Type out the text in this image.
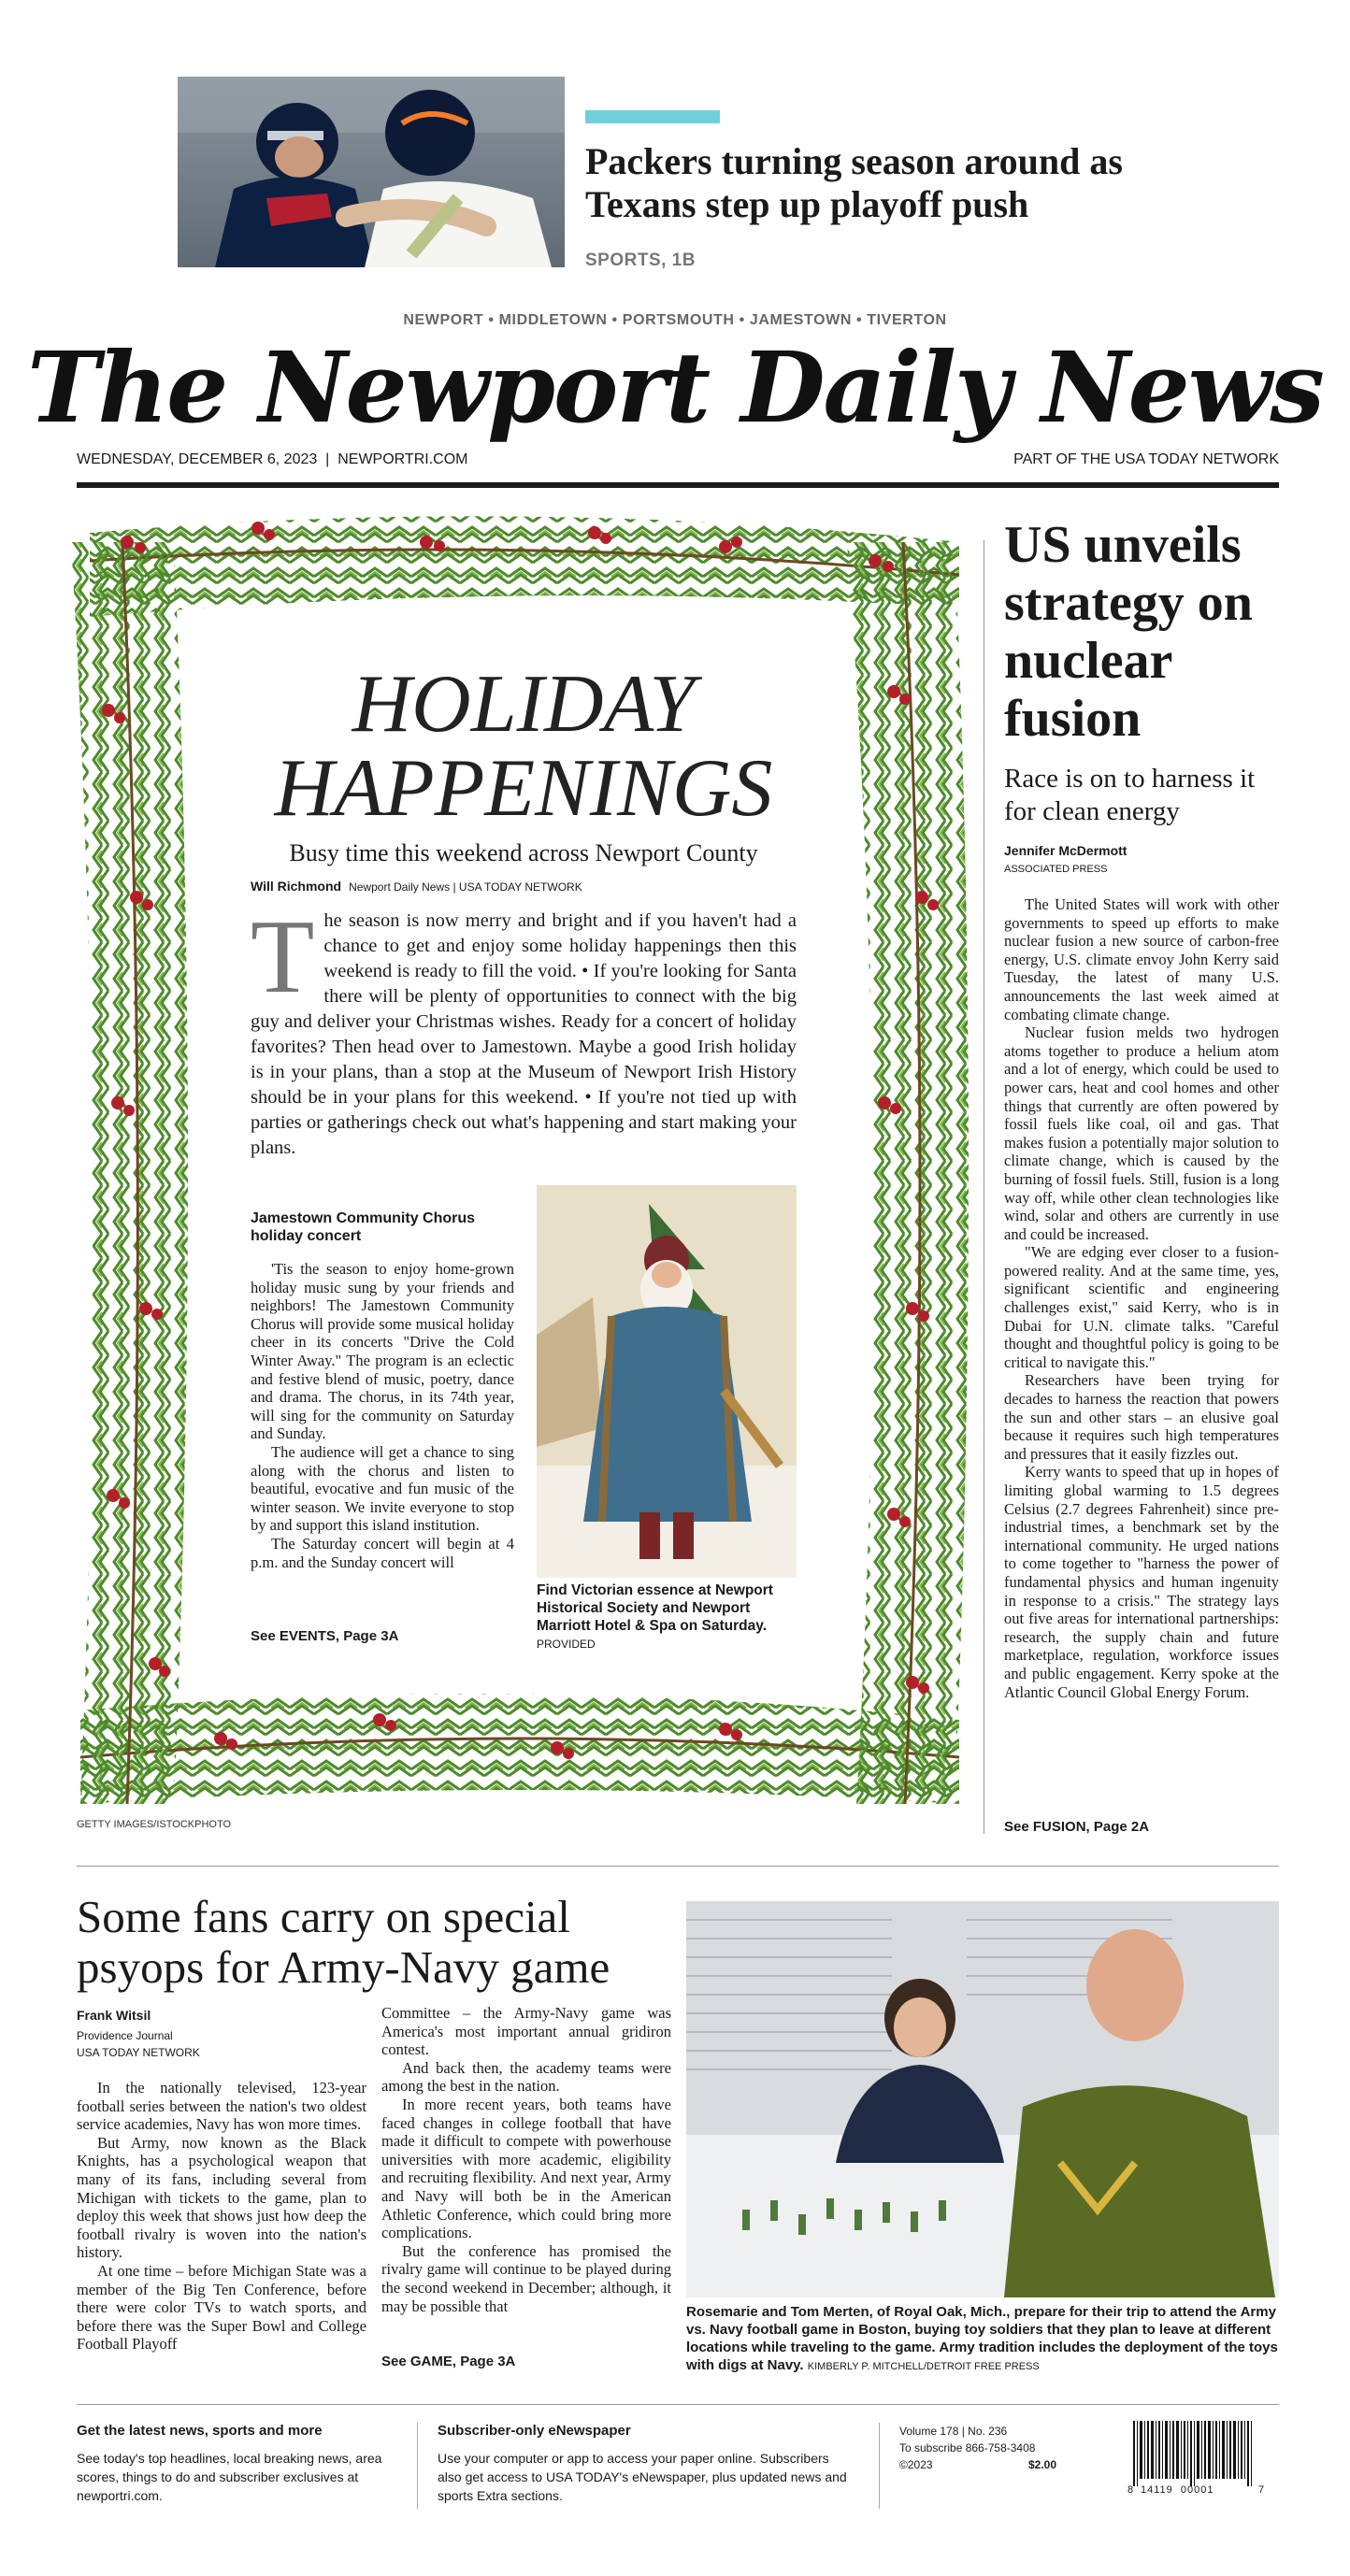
Packers turning season around as Texans step up playoff push
SPORTS, 1B
NEWPORT • MIDDLETOWN • PORTSMOUTH • JAMESTOWN • TIVERTON
The Newport Daily News
WEDNESDAY, DECEMBER 6, 2023  |  NEWPORTRI.COM	PART OF THE USA TODAY NETWORK
HOLIDAY
HAPPENINGS
Busy time this weekend across Newport County
Will Richmond Newport Daily News | USA TODAY NETWORK
T he season is now merry and bright and if you haven't had a chance to get and enjoy some holiday happenings then this weekend is ready to fill the void. • If you're looking for Santa there will be plenty of opportunities to connect with the big guy and deliver your Christmas wishes. Ready for a concert of holiday favorites? Then head over to Jamestown. Maybe a good Irish holiday is in your plans, than a stop at the Museum of Newport Irish History should be in your plans for this weekend. • If you're not tied up with parties or gatherings check out what's happening and start making your plans.
Jamestown Community Chorus holiday concert

'Tis the season to enjoy home-grown holiday music sung by your friends and neighbors! The Jamestown Community Chorus will provide some musical holiday cheer in its concerts "Drive the Cold Winter Away." The program is an eclectic and festive blend of music, poetry, dance and drama. The chorus, in its 74th year, will sing for the community on Saturday and Sunday.

The audience will get a chance to sing along with the chorus and listen to beautiful, evocative and fun music of the winter season. We invite everyone to stop by and support this island institution.

The Saturday concert will begin at 4 p.m. and the Sunday concert will

See EVENTS, Page 3A
Find Victorian essence at Newport Historical Society and Newport Marriott Hotel & Spa on Saturday. PROVIDED
GETTY IMAGES/ISTOCKPHOTO
US unveils strategy on nuclear fusion
Race is on to harness it for clean energy
Jennifer McDermott
ASSOCIATED PRESS

The United States will work with other governments to speed up efforts to make nuclear fusion a new source of carbon-free energy, U.S. climate envoy John Kerry said Tuesday, the latest of many U.S. announcements the last week aimed at combating climate change.

Nuclear fusion melds two hydrogen atoms together to produce a helium atom and a lot of energy, which could be used to power cars, heat and cool homes and other things that currently are often powered by fossil fuels like coal, oil and gas. That makes fusion a potentially major solution to climate change, which is caused by the burning of fossil fuels. Still, fusion is a long way off, while other clean technologies like wind, solar and others are currently in use and could be increased.

"We are edging ever closer to a fusion-powered reality. And at the same time, yes, significant scientific and engineering challenges exist," said Kerry, who is in Dubai for U.N. climate talks. "Careful thought and thoughtful policy is going to be critical to navigate this."

Researchers have been trying for decades to harness the reaction that powers the sun and other stars – an elusive goal because it requires such high temperatures and pressures that it easily fizzles out.

Kerry wants to speed that up in hopes of limiting global warming to 1.5 degrees Celsius (2.7 degrees Fahrenheit) since pre-industrial times, a benchmark set by the international community. He urged nations to come together to "harness the power of fundamental physics and human ingenuity in response to a crisis." The strategy lays out five areas for international partnerships: research, the supply chain and future marketplace, regulation, workforce issues and public engagement. Kerry spoke at the Atlantic Council Global Energy Forum.

See FUSION, Page 2A
Some fans carry on special psyops for Army-Navy game
Frank Witsil
Providence Journal
USA TODAY NETWORK

In the nationally televised, 123-year football series between the nation's two oldest service academies, Navy has won more times.

But Army, now known as the Black Knights, has a psychological weapon that many of its fans, including several from Michigan with tickets to the game, plan to deploy this week that shows just how deep the football rivalry is woven into the nation's history.

At one time – before Michigan State was a member of the Big Ten Conference, before there were color TVs to watch sports, and before there was the Super Bowl and College Football Playoff

Committee – the Army-Navy game was America's most important annual gridiron contest.

And back then, the academy teams were among the best in the nation.

In more recent years, both teams have faced changes in college football that have made it difficult to compete with powerhouse universities with more academic, eligibility and recruiting flexibility. And next year, Army and Navy will both be in the American Athletic Conference, which could bring more complications.

But the conference has promised the rivalry game will continue to be played during the second weekend in December; although, it may be possible that

See GAME, Page 3A
Rosemarie and Tom Merten, of Royal Oak, Mich., prepare for their trip to attend the Army vs. Navy football game in Boston, buying toy soldiers that they plan to leave at different locations while traveling to the game. Army tradition includes the deployment of the toys with digs at Navy. KIMBERLY P. MITCHELL/DETROIT FREE PRESS
Get the latest news, sports and more
See today's top headlines, local breaking news, area scores, things to do and subscriber exclusives at newportri.com.
Subscriber-only eNewspaper
Use your computer or app to access your paper online. Subscribers also get access to USA TODAY's eNewspaper, plus updated news and sports Extra sections.
Volume 178 | No. 236
To subscribe 866-758-3408
©2023	$2.00
8 14119  00001	7
